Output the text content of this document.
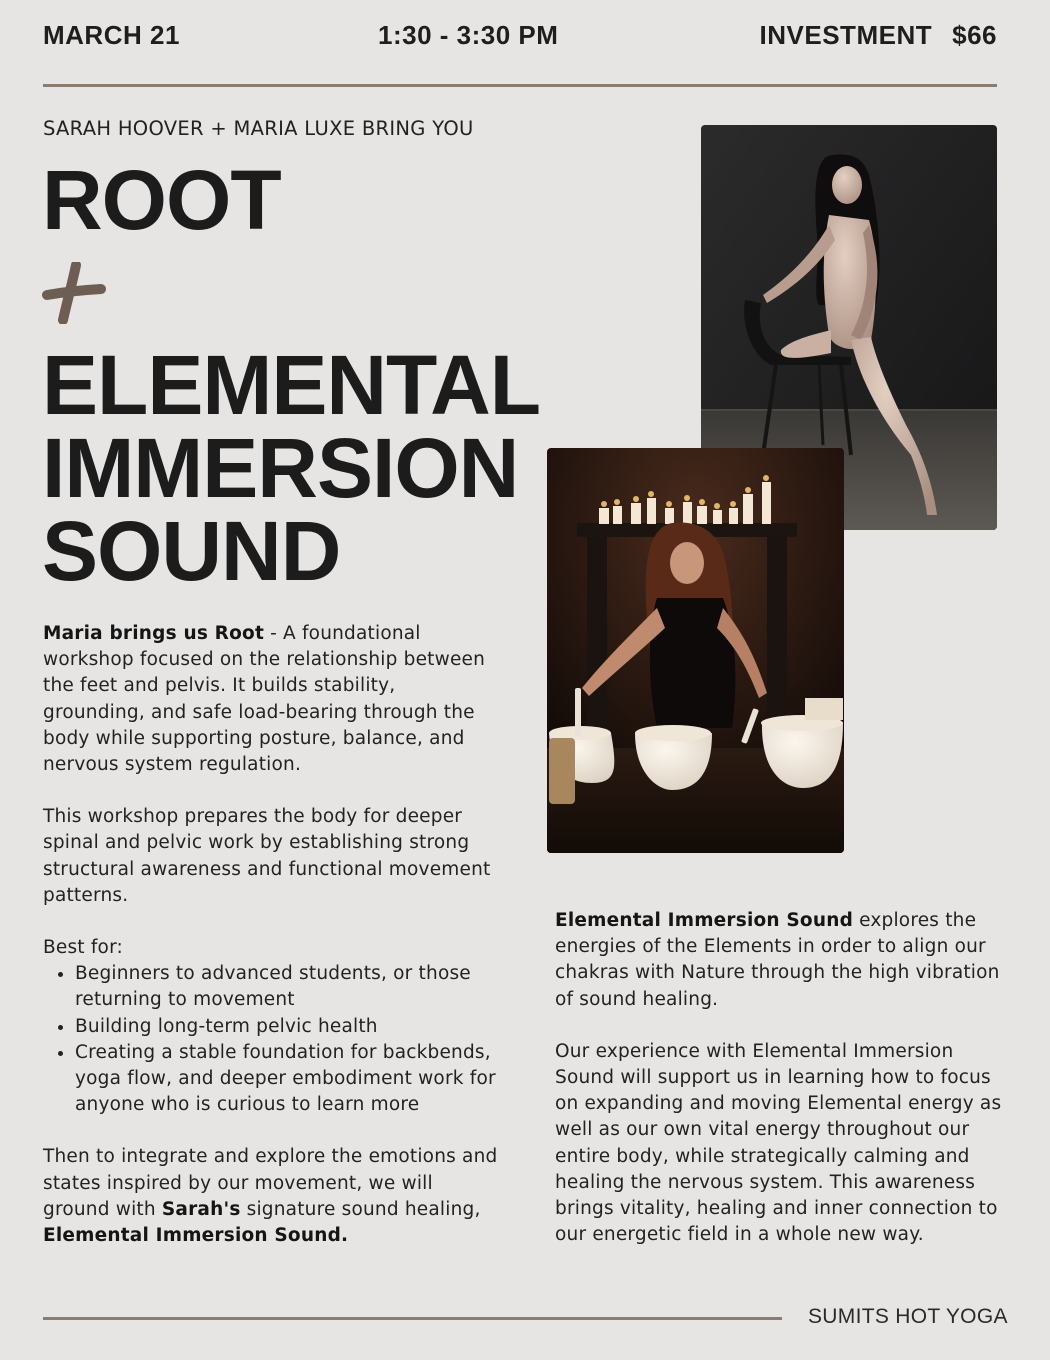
MARCH 21	1:30 - 3:30 PM	INVESTMENT $66
SARAH HOOVER + MARIA LUXE BRING YOU
ROOT
ELEMENTAL
IMMERSION
SOUND

Maria brings us Root - A foundational workshop focused on the relationship between the feet and pelvis. It builds stability, grounding, and safe load-bearing through the body while supporting posture, balance, and nervous system regulation.

This workshop prepares the body for deeper spinal and pelvic work by establishing strong structural awareness and functional movement patterns.

Best for:
• Beginners to advanced students, or those returning to movement
• Building long-term pelvic health
• Creating a stable foundation for backbends, yoga flow, and deeper embodiment work for anyone who is curious to learn more

Then to integrate and explore the emotions and states inspired by our movement, we will ground with Sarah's signature sound healing, Elemental Immersion Sound.

Elemental Immersion Sound explores the energies of the Elements in order to align our chakras with Nature through the high vibration of sound healing.

Our experience with Elemental Immersion Sound will support us in learning how to focus on expanding and moving Elemental energy as well as our own vital energy throughout our entire body, while strategically calming and healing the nervous system. This awareness brings vitality, healing and inner connection to our energetic field in a whole new way.

SUMITS HOT YOGA
